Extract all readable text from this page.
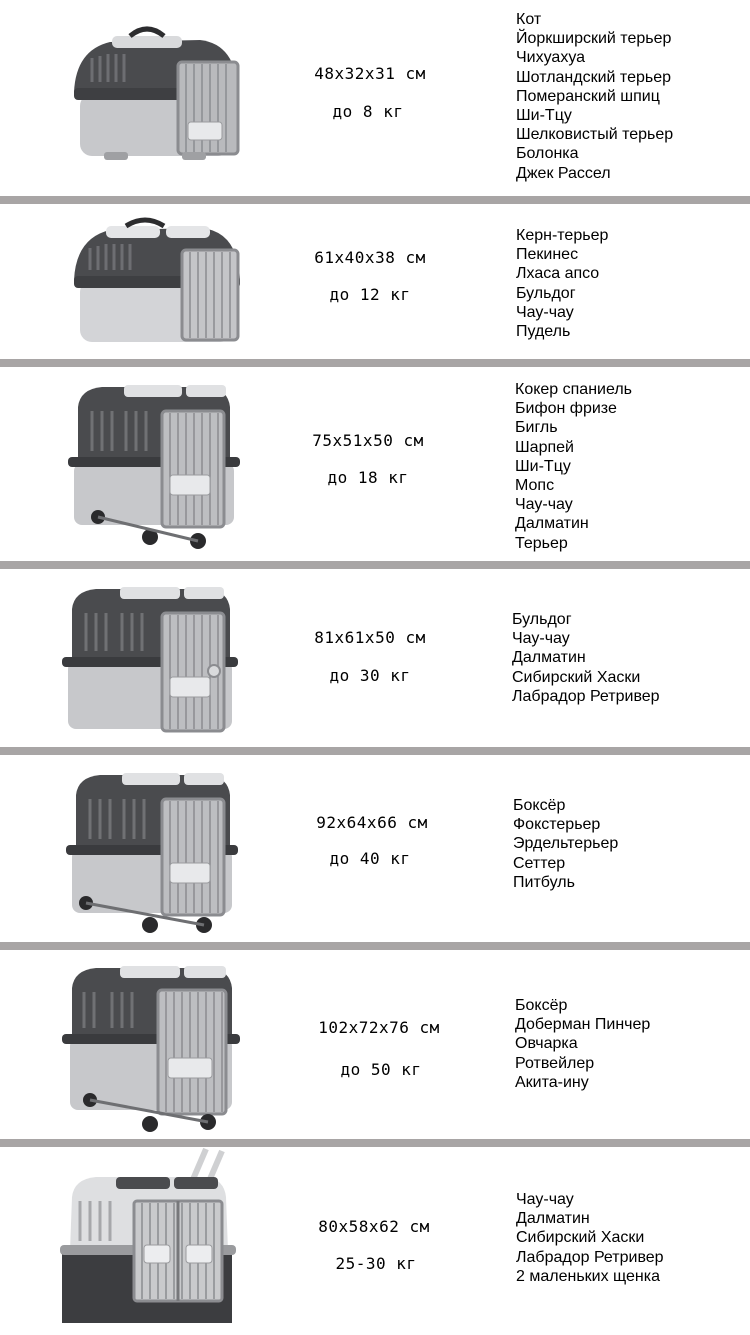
48x32x31 см
до 8 кг
Кот
Йоркширский терьер
Чихуахуа
Шотландский терьер
Померанский шпиц
Ши-Тцу
Шелковистый терьер
Болонка
Джек Рассел
61x40x38 см
до 12 кг
Керн-терьер
Пекинес
Лхаса апсо
Бульдог
Чау-чау
Пудель
75x51x50 см
до 18 кг
Кокер спаниель
Бифон фризе
Бигль
Шарпей
Ши-Тцу
Мопс
Чау-чау
Далматин
Терьер
81x61x50 см
до 30 кг
Бульдог
Чау-чау
Далматин
Сибирский Хаски
Лабрадор Ретривер
92x64x66 см
до 40 кг
Боксёр
Фокстерьер
Эрдельтерьер
Сеттер
Питбуль
102x72x76 см
до 50 кг
Боксёр
Доберман Пинчер
Овчарка
Ротвейлер
Акита-ину
80x58x62 см
25-30 кг
Чау-чау
Далматин
Сибирский Хаски
Лабрадор Ретривер
2 маленьких щенка
